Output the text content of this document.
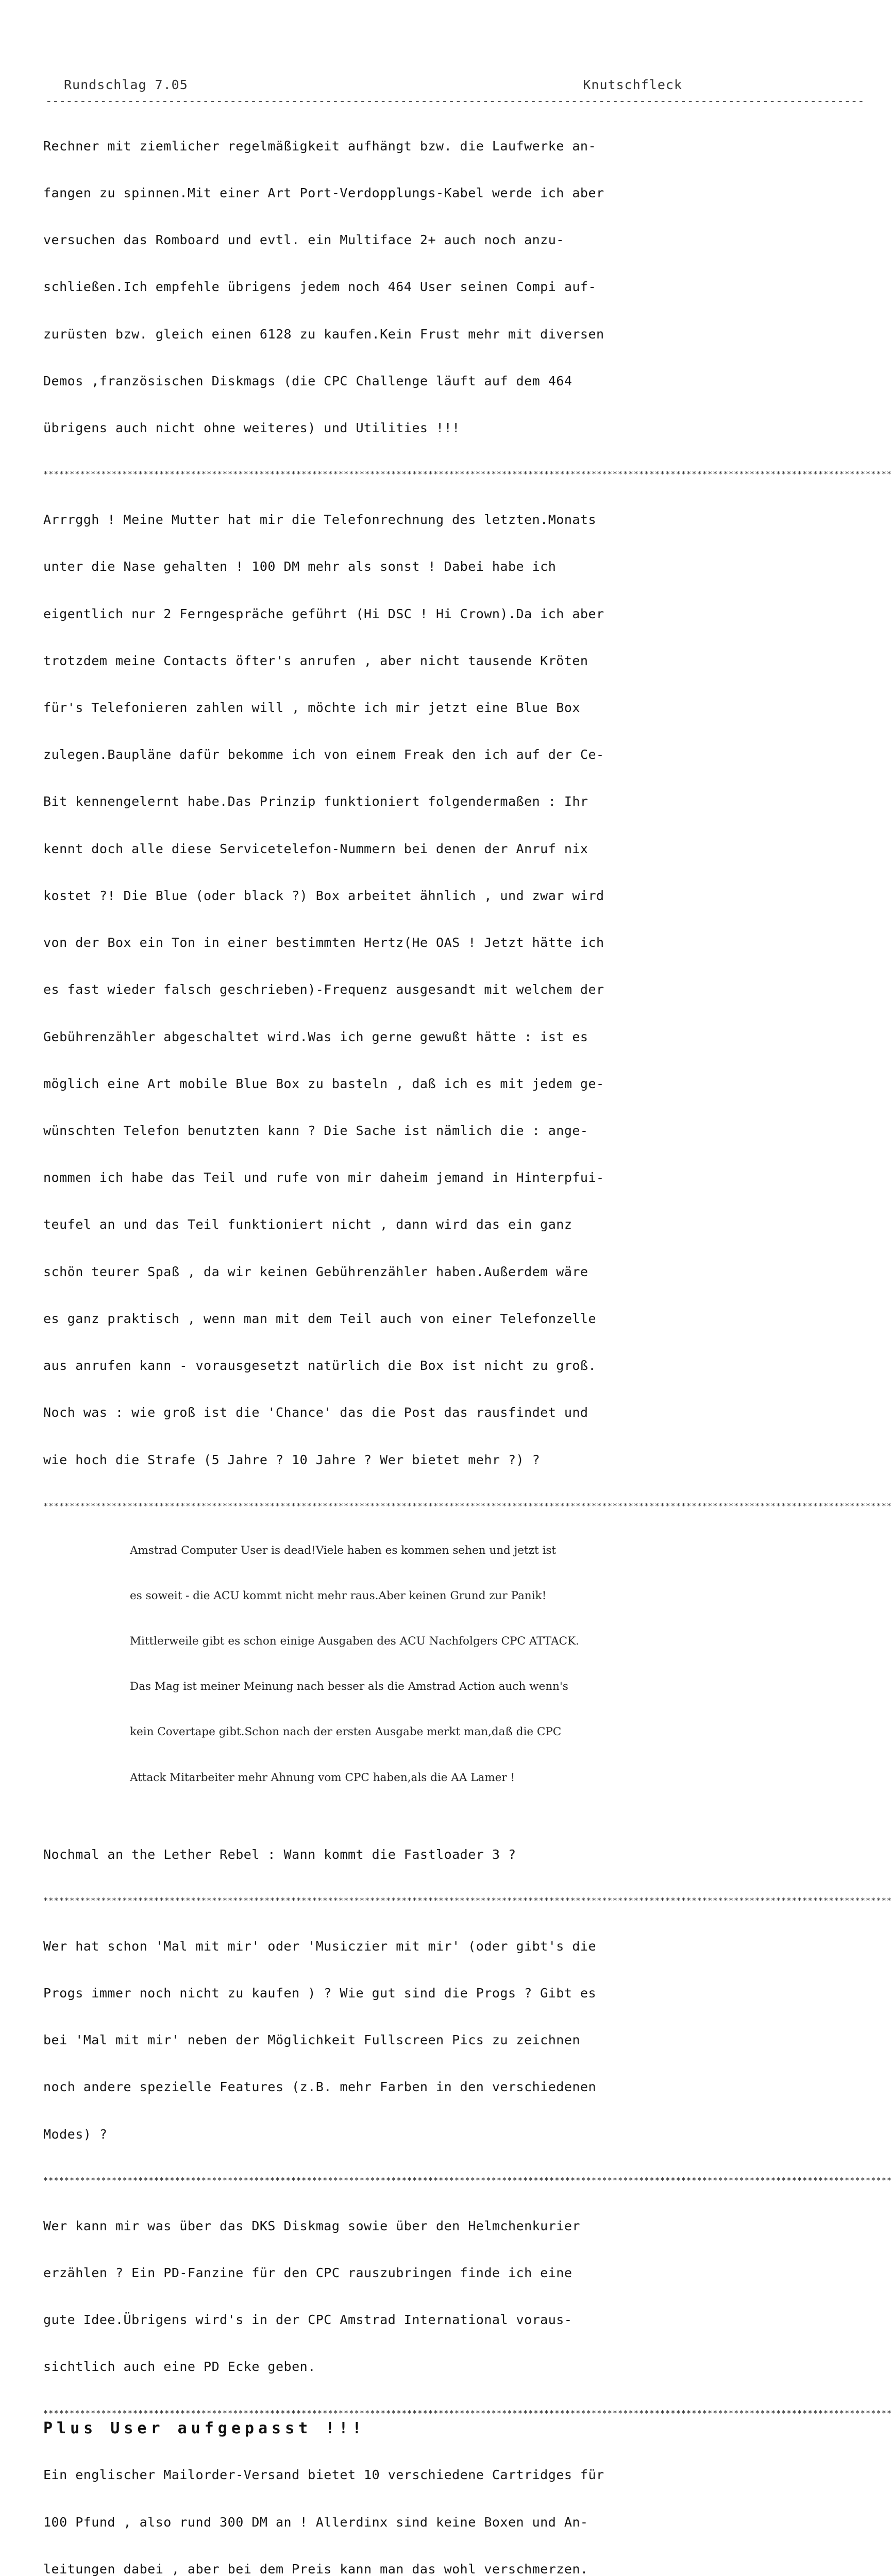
Rundschlag 7.05	Knutschfleck
------------------------------------------------------------------------------------------------------------------------

Rechner mit ziemlicher regelmäßigkeit aufhängt bzw. die Laufwerke an-

fangen zu spinnen.Mit einer Art Port-Verdopplungs-Kabel werde ich aber

versuchen das Romboard und evtl. ein Multiface 2+ auch noch anzu-

schließen.Ich empfehle übrigens jedem noch 464 User seinen Compi auf-

zurüsten bzw. gleich einen 6128 zu kaufen.Kein Frust mehr mit diversen

Demos ,französischen Diskmags (die CPC Challenge läuft auf dem 464

übrigens auch nicht ohne weiteres) und Utilities !!!

*****************************************************************************************************************************************************************

Arrrggh ! Meine Mutter hat mir die Telefonrechnung des letzten.Monats

unter die Nase gehalten ! 100 DM mehr als sonst ! Dabei habe ich

eigentlich nur 2 Ferngespräche geführt (Hi DSC ! Hi Crown).Da ich aber

trotzdem meine Contacts öfter's anrufen , aber nicht tausende Kröten

für's Telefonieren zahlen will , möchte ich mir jetzt eine Blue Box

zulegen.Baupläne dafür bekomme ich von einem Freak den ich auf der Ce-

Bit kennengelernt habe.Das Prinzip funktioniert folgendermaßen : Ihr

kennt doch alle diese Servicetelefon-Nummern bei denen der Anruf nix

kostet ?! Die Blue (oder black ?) Box arbeitet ähnlich , und zwar wird

von der Box ein Ton in einer bestimmten Hertz(He OAS ! Jetzt hätte ich

es fast wieder falsch geschrieben)-Frequenz ausgesandt mit welchem der

Gebührenzähler abgeschaltet wird.Was ich gerne gewußt hätte : ist es

möglich eine Art mobile Blue Box zu basteln , daß ich es mit jedem ge-

wünschten Telefon benutzten kann ? Die Sache ist nämlich die : ange-

nommen ich habe das Teil und rufe von mir daheim jemand in Hinterpfui-

teufel an und das Teil funktioniert nicht , dann wird das ein ganz

schön teurer Spaß , da wir keinen Gebührenzähler haben.Außerdem wäre

es ganz praktisch , wenn man mit dem Teil auch von einer Telefonzelle

aus anrufen kann - vorausgesetzt natürlich die Box ist nicht zu groß.

Noch was : wie groß ist die 'Chance' das die Post das rausfindet und

wie hoch die Strafe (5 Jahre ? 10 Jahre ? Wer bietet mehr ?) ?

*****************************************************************************************************************************************************************

Amstrad Computer User is dead!Viele haben es kommen sehen und jetzt ist

es soweit - die ACU kommt nicht mehr raus.Aber keinen Grund zur Panik!

Mittlerweile gibt es schon einige Ausgaben des ACU Nachfolgers CPC ATTACK.

Das Mag ist meiner Meinung nach besser als die Amstrad Action auch wenn's

kein Covertape gibt.Schon nach der ersten Ausgabe merkt man,daß die CPC

Attack Mitarbeiter mehr Ahnung vom CPC haben,als die AA Lamer !

Nochmal an the Lether Rebel : Wann kommt die Fastloader 3 ?

*****************************************************************************************************************************************************************

Wer hat schon 'Mal mit mir' oder 'Musiczier mit mir' (oder gibt's die

Progs immer noch nicht zu kaufen ) ? Wie gut sind die Progs ? Gibt es

bei 'Mal mit mir' neben der Möglichkeit Fullscreen Pics zu zeichnen

noch andere spezielle Features (z.B. mehr Farben in den verschiedenen

Modes) ?

*****************************************************************************************************************************************************************

Wer kann mir was über das DKS Diskmag sowie über den Helmchenkurier

erzählen ? Ein PD-Fanzine für den CPC rauszubringen finde ich eine

gute Idee.Übrigens wird's in der CPC Amstrad International voraus-

sichtlich auch eine PD Ecke geben.

*****************************************************************************************************************************************************************
Plus User aufgepasst !!!

Ein englischer Mailorder-Versand bietet 10 verschiedene Cartridges für

100 Pfund , also rund 300 DM an ! Allerdinx sind keine Boxen und An-

leitungen dabei , aber bei dem Preis kann man das wohl verschmerzen.
